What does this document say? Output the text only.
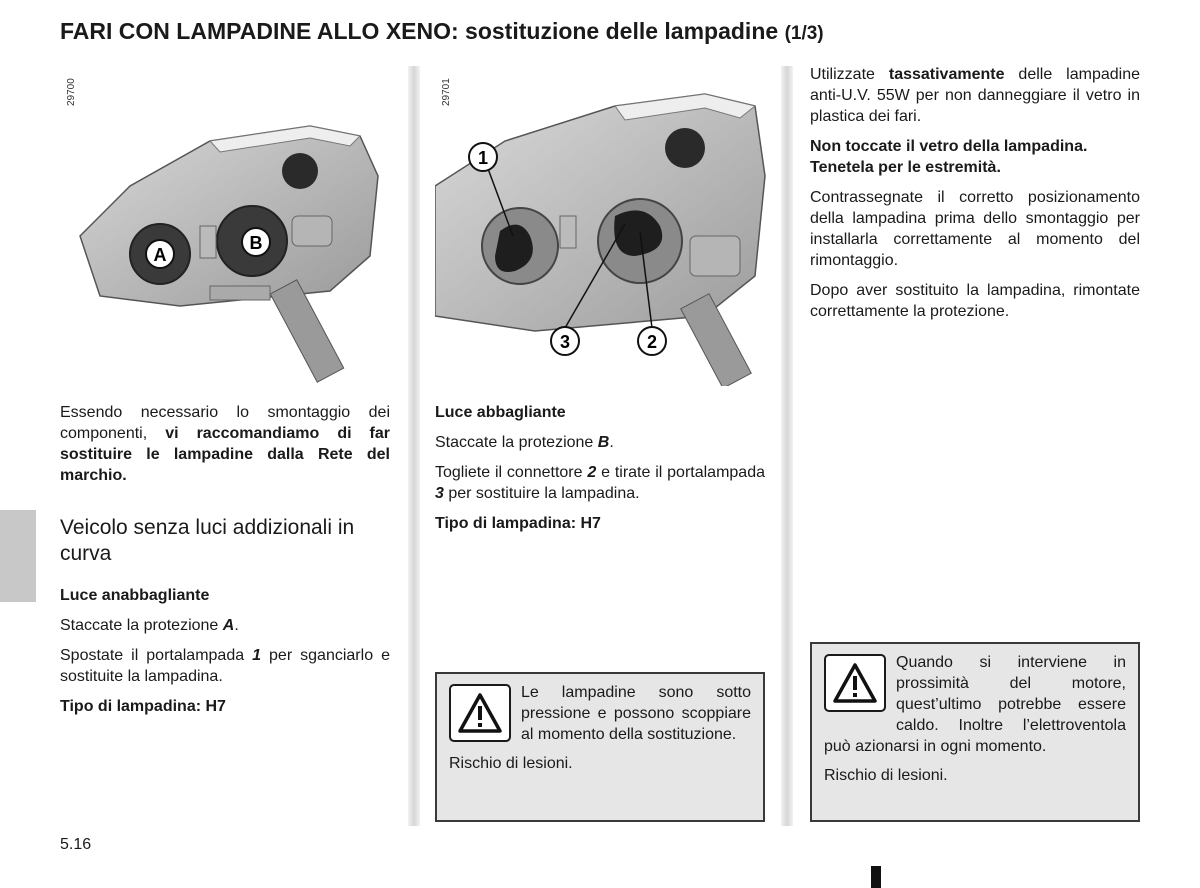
FARI CON LAMPADINE ALLO XENO: sostituzione delle lampadine (1/3)
29700
A
B
29701
1
2
3

Essendo necessario lo smontaggio dei componenti, vi raccomandiamo di far sostituire le lampadine dalla Rete del marchio.

Veicolo senza luci addizionali in curva

Luce anabbagliante

Staccate la protezione A.

Spostate il portalampada 1 per sganciarlo e sostituite la lampadina.

Tipo di lampadina: H7

Luce abbagliante

Staccate la protezione B.

Togliete il connettore 2 e tirate il portalampada 3 per sostituire la lampadina.

Tipo di lampadina: H7

Le lampadine sono sotto pressione e possono scoppiare al momento della sostituzione.

Rischio di lesioni.

Utilizzate tassativamente delle lampadine anti-U.V. 55W per non danneggiare il vetro in plastica dei fari.

Non toccate il vetro della lampadina. Tenetela per le estremità.

Contrassegnate il corretto posizionamento della lampadina prima dello smontaggio per installarla correttamente al momento del rimontaggio.

Dopo aver sostituito la lampadina, rimontate correttamente la protezione.

Quando si interviene in prossimità del motore, quest’ultimo potrebbe essere caldo. Inoltre l’elettroventola può azionarsi in ogni momento.

Rischio di lesioni.

5.16
